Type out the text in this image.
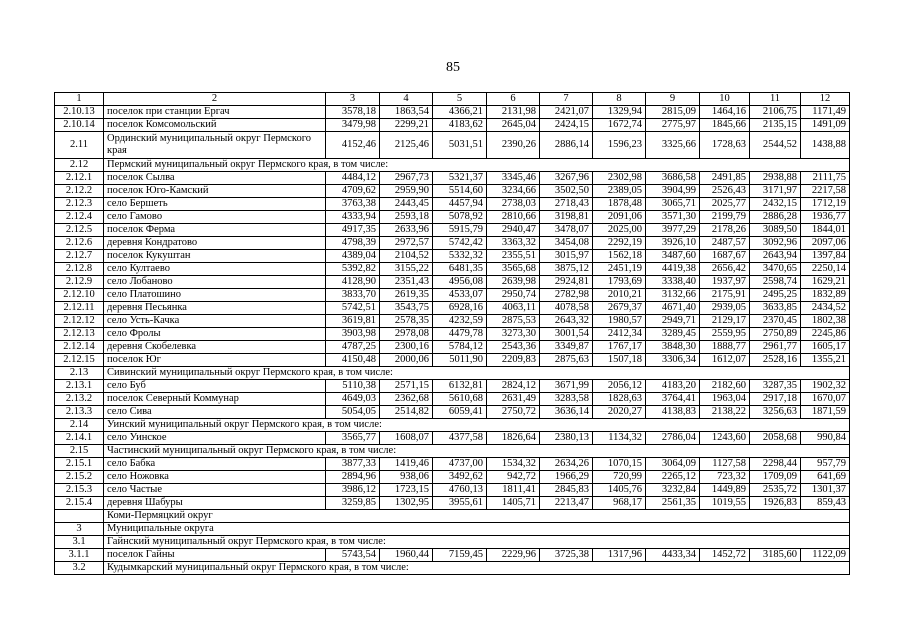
85
1	2	3	4	5	6	7	8	9	10	11	12
2.10.13	поселок при станции Ергач	3578,18	1863,54	4366,21	2131,98	2421,07	1329,94	2815,09	1464,16	2106,75	1171,49
2.10.14	поселок Комсомольский	3479,98	2299,21	4183,62	2645,04	2424,15	1672,74	2775,97	1845,66	2135,15	1491,09
2.11	Ординский муниципальный округ Пермского края	4152,46	2125,46	5031,51	2390,26	2886,14	1596,23	3325,66	1728,63	2544,52	1438,88
2.12	Пермский муниципальный округ Пермского края, в том числе:										
2.12.1	поселок Сылва	4484,12	2967,73	5321,37	3345,46	3267,96	2302,98	3686,58	2491,85	2938,88	2111,75
2.12.2	поселок Юго-Камский	4709,62	2959,90	5514,60	3234,66	3502,50	2389,05	3904,99	2526,43	3171,97	2217,58
2.12.3	село Бершеть	3763,38	2443,45	4457,94	2738,03	2718,43	1878,48	3065,71	2025,77	2432,15	1712,19
2.12.4	село Гамово	4333,94	2593,18	5078,92	2810,66	3198,81	2091,06	3571,30	2199,79	2886,28	1936,77
2.12.5	поселок Ферма	4917,35	2633,96	5915,79	2940,47	3478,07	2025,00	3977,29	2178,26	3089,50	1844,01
2.12.6	деревня Кондратово	4798,39	2972,57	5742,42	3363,32	3454,08	2292,19	3926,10	2487,57	3092,96	2097,06
2.12.7	поселок Кукуштан	4389,04	2104,52	5332,32	2355,51	3015,97	1562,18	3487,60	1687,67	2643,94	1397,84
2.12.8	село Култаево	5392,82	3155,22	6481,35	3565,68	3875,12	2451,19	4419,38	2656,42	3470,65	2250,14
2.12.9	село Лобаново	4128,90	2351,43	4956,08	2639,98	2924,81	1793,69	3338,40	1937,97	2598,74	1629,21
2.12.10	село Платошино	3833,70	2619,35	4533,07	2950,74	2782,98	2010,21	3132,66	2175,91	2495,25	1832,89
2.12.11	деревня Песьянка	5742,51	3543,75	6928,16	4063,11	4078,58	2679,37	4671,40	2939,05	3633,85	2434,52
2.12.12	село Усть-Качка	3619,81	2578,35	4232,59	2875,53	2643,32	1980,57	2949,71	2129,17	2370,45	1802,38
2.12.13	село Фролы	3903,98	2978,08	4479,78	3273,30	3001,54	2412,34	3289,45	2559,95	2750,89	2245,86
2.12.14	деревня Скобелевка	4787,25	2300,16	5784,12	2543,36	3349,87	1767,17	3848,30	1888,77	2961,77	1605,17
2.12.15	поселок Юг	4150,48	2000,06	5011,90	2209,83	2875,63	1507,18	3306,34	1612,07	2528,16	1355,21
2.13	Сивинский муниципальный округ Пермского края, в том числе:										
2.13.1	село Буб	5110,38	2571,15	6132,81	2824,12	3671,99	2056,12	4183,20	2182,60	3287,35	1902,32
2.13.2	поселок Северный Коммунар	4649,03	2362,68	5610,68	2631,49	3283,58	1828,63	3764,41	1963,04	2917,18	1670,07
2.13.3	село Сива	5054,05	2514,82	6059,41	2750,72	3636,14	2020,27	4138,83	2138,22	3256,63	1871,59
2.14	Уинский муниципальный округ Пермского края, в том числе:										
2.14.1	село Уинское	3565,77	1608,07	4377,58	1826,64	2380,13	1134,32	2786,04	1243,60	2058,68	990,84
2.15	Частинский муниципальный округ Пермского края, в том числе:										
2.15.1	село Бабка	3877,33	1419,46	4737,00	1534,32	2634,26	1070,15	3064,09	1127,58	2298,44	957,79
2.15.2	село Ножовка	2894,96	938,06	3492,62	942,72	1966,29	720,99	2265,12	723,32	1709,09	641,69
2.15.3	село Частые	3986,12	1723,15	4760,13	1811,41	2845,83	1405,76	3232,84	1449,89	2535,72	1301,37
2.15.4	деревня Шабуры	3259,85	1302,95	3955,61	1405,71	2213,47	968,17	2561,35	1019,55	1926,83	859,43
	Коми-Пермяцкий округ										
3	Муниципальные округа										
3.1	Гайнский муниципальный округ Пермского края, в том числе:										
3.1.1	поселок Гайны	5743,54	1960,44	7159,45	2229,96	3725,38	1317,96	4433,34	1452,72	3185,60	1122,09
3.2	Кудымкарский муниципальный округ Пермского края, в том числе:										
